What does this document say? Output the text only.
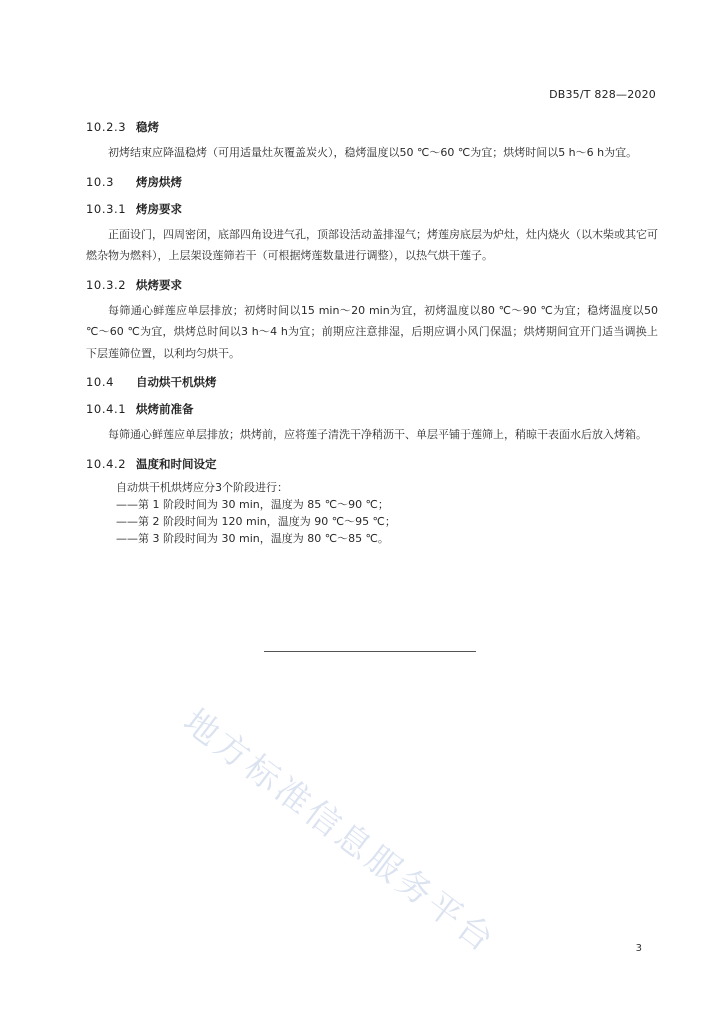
DB35/T 828—2020
地方标准信息服务平台
10.2.3 稳烤

初烤结束应降温稳烤（可用适量灶灰覆盖炭火），稳烤温度以50 ℃～60 ℃为宜；烘烤时间以5 h～6 h为宜。

10.3 烤房烘烤
10.3.1 烤房要求

正面设门，四周密闭，底部四角设进气孔，顶部设活动盖排湿气；烤莲房底层为炉灶，灶内烧火（以木柴或其它可燃杂物为燃料），上层架设莲筛若干（可根据烤莲数量进行调整），以热气烘干莲子。

10.3.2 烘烤要求

每筛通心鲜莲应单层排放；初烤时间以15 min～20 min为宜，初烤温度以80 ℃～90 ℃为宜；稳烤温度以50 ℃～60 ℃为宜，烘烤总时间以3 h～4 h为宜；前期应注意排湿，后期应调小风门保温；烘烤期间宜开门适当调换上下层莲筛位置，以利均匀烘干。

10.4 自动烘干机烘烤
10.4.1 烘烤前准备

每筛通心鲜莲应单层排放；烘烤前，应将莲子清洗干净稍沥干、单层平铺于莲筛上，稍晾干表面水后放入烤箱。

10.4.2 温度和时间设定

自动烘干机烘烤应分3个阶段进行：

——第 1 阶段时间为 30 min，温度为 85 ℃～90 ℃；

——第 2 阶段时间为 120 min，温度为 90 ℃～95 ℃；

——第 3 阶段时间为 30 min，温度为 80 ℃～85 ℃。

3
